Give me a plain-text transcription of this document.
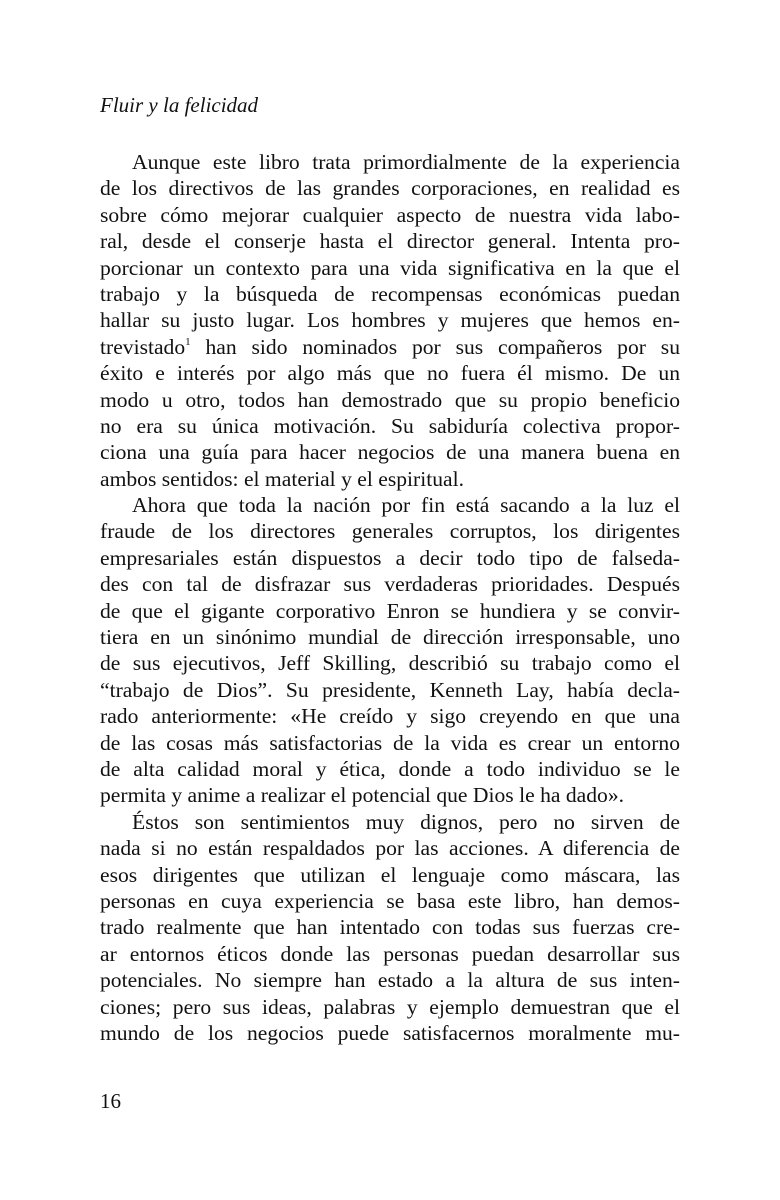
Fluir y la felicidad
Aunque este libro trata primordialmente de la experiencia
de los directivos de las grandes corporaciones, en realidad es
sobre cómo mejorar cualquier aspecto de nuestra vida labo-
ral, desde el conserje hasta el director general. Intenta pro-
porcionar un contexto para una vida significativa en la que el
trabajo y la búsqueda de recompensas económicas puedan
hallar su justo lugar. Los hombres y mujeres que hemos en-
trevistado$^1$ han sido nominados por sus compañeros por su
éxito e interés por algo más que no fuera él mismo. De un
modo u otro, todos han demostrado que su propio beneficio
no era su única motivación. Su sabiduría colectiva propor-
ciona una guía para hacer negocios de una manera buena en
ambos sentidos: el material y el espiritual.
Ahora que toda la nación por fin está sacando a la luz el
fraude de los directores generales corruptos, los dirigentes
empresariales están dispuestos a decir todo tipo de falseda-
des con tal de disfrazar sus verdaderas prioridades. Después
de que el gigante corporativo Enron se hundiera y se convir-
tiera en un sinónimo mundial de dirección irresponsable, uno
de sus ejecutivos, Jeff Skilling, describió su trabajo como el
“trabajo de Dios”. Su presidente, Kenneth Lay, había decla-
rado anteriormente: «He creído y sigo creyendo en que una
de las cosas más satisfactorias de la vida es crear un entorno
de alta calidad moral y ética, donde a todo individuo se le
permita y anime a realizar el potencial que Dios le ha dado».
Éstos son sentimientos muy dignos, pero no sirven de
nada si no están respaldados por las acciones. A diferencia de
esos dirigentes que utilizan el lenguaje como máscara, las
personas en cuya experiencia se basa este libro, han demos-
trado realmente que han intentado con todas sus fuerzas cre-
ar entornos éticos donde las personas puedan desarrollar sus
potenciales. No siempre han estado a la altura de sus inten-
ciones; pero sus ideas, palabras y ejemplo demuestran que el
mundo de los negocios puede satisfacernos moralmente mu-
16
